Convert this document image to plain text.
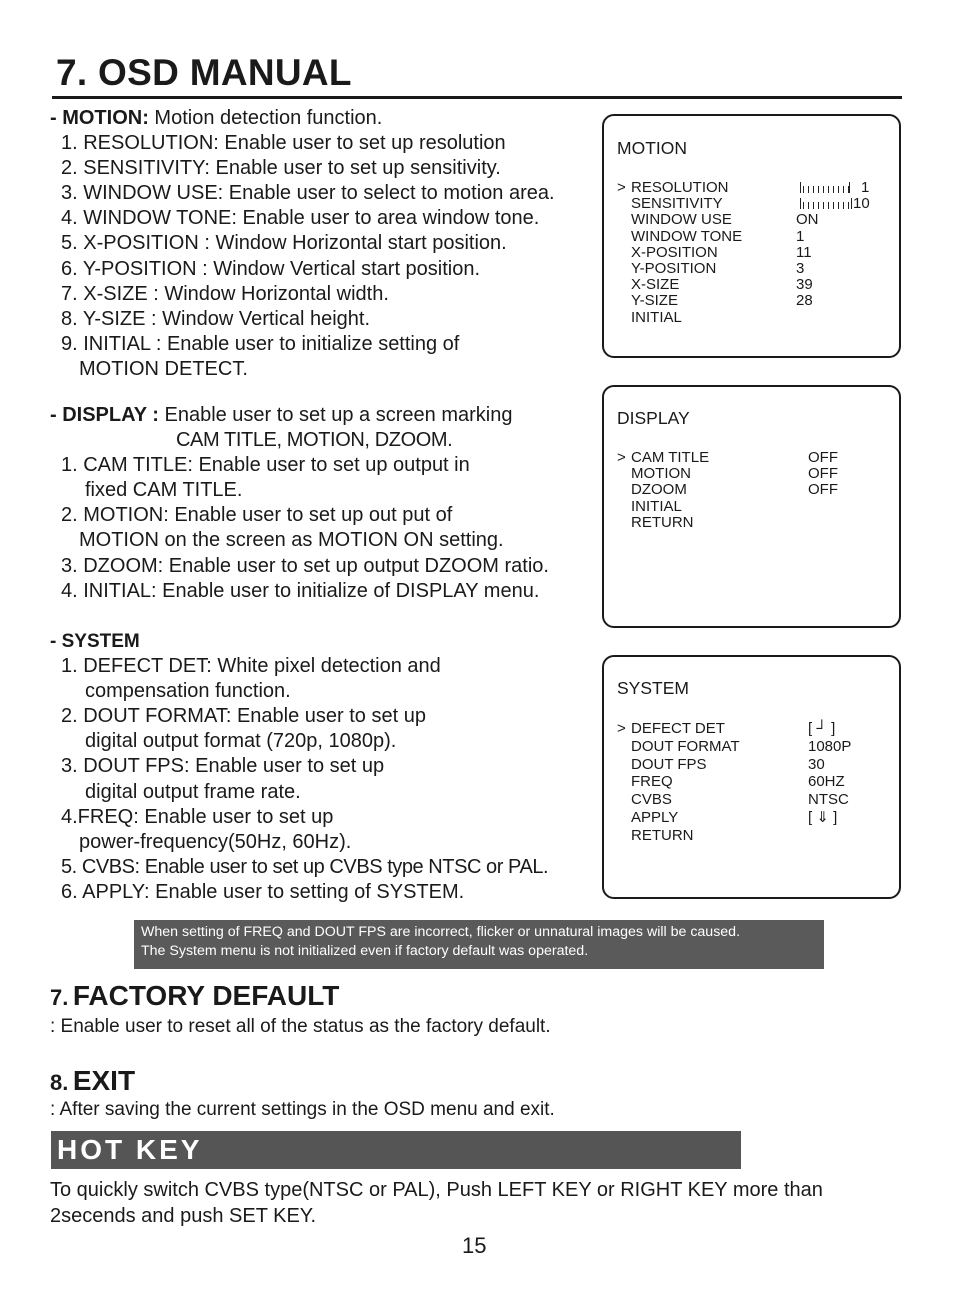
7. OSD MANUAL
- MOTION: Motion detection function.
1. RESOLUTION: Enable user to set up resolution
2. SENSITIVITY: Enable user to set up sensitivity.
3. WINDOW USE: Enable user to select to motion area.
4. WINDOW TONE: Enable user to area window tone.
5. X-POSITION : Window Horizontal start position.
6. Y-POSITION : Window Vertical start position.
7. X-SIZE : Window Horizontal width.
8. Y-SIZE : Window Vertical height.
9. INITIAL : Enable user to initialize setting of
MOTION DETECT.
- DISPLAY : Enable user to set up a screen marking
CAM TITLE, MOTION, DZOOM.
1. CAM TITLE: Enable user to set up output in
fixed CAM TITLE.
2. MOTION: Enable user to set up out put of
MOTION on the screen as MOTION ON setting.
3. DZOOM: Enable user to set up output DZOOM ratio.
4. INITIAL: Enable user to initialize of DISPLAY menu.
- SYSTEM
1. DEFECT DET: White pixel detection and
compensation function.
2. DOUT FORMAT: Enable user to set up
digital output format (720p, 1080p).
3. DOUT FPS: Enable user to set up
digital output frame rate.
4.FREQ: Enable user to set up
power-frequency(50Hz, 60Hz).
5. CVBS: Enable user to set up CVBS type NTSC or PAL.
6. APPLY: Enable user to setting of SYSTEM.
MOTION
> RESOLUTION	1
SENSITIVITY	10
WINDOW USE	ON
WINDOW TONE	1
X-POSITION	11
Y-POSITION	3
X-SIZE	39
Y-SIZE	28
INITIAL
DISPLAY
> CAM TITLE	OFF
MOTION	OFF
DZOOM	OFF
INITIAL
RETURN
SYSTEM
> DEFECT DET	[ ┘ ]
DOUT FORMAT	1080P
DOUT FPS	30
FREQ	60HZ
CVBS	NTSC
APPLY	[ ⇓ ]
RETURN
When setting of FREQ and DOUT FPS are incorrect, flicker or unnatural images will be caused.
The System menu is not initialized even if factory default was operated.
7. FACTORY DEFAULT
: Enable user to reset all of the status as the factory default.
8. EXIT
: After saving the current settings in the OSD menu and exit.
HOT KEY
To quickly switch CVBS type(NTSC or PAL), Push LEFT KEY or RIGHT KEY more than 2secends and push SET KEY.
15
